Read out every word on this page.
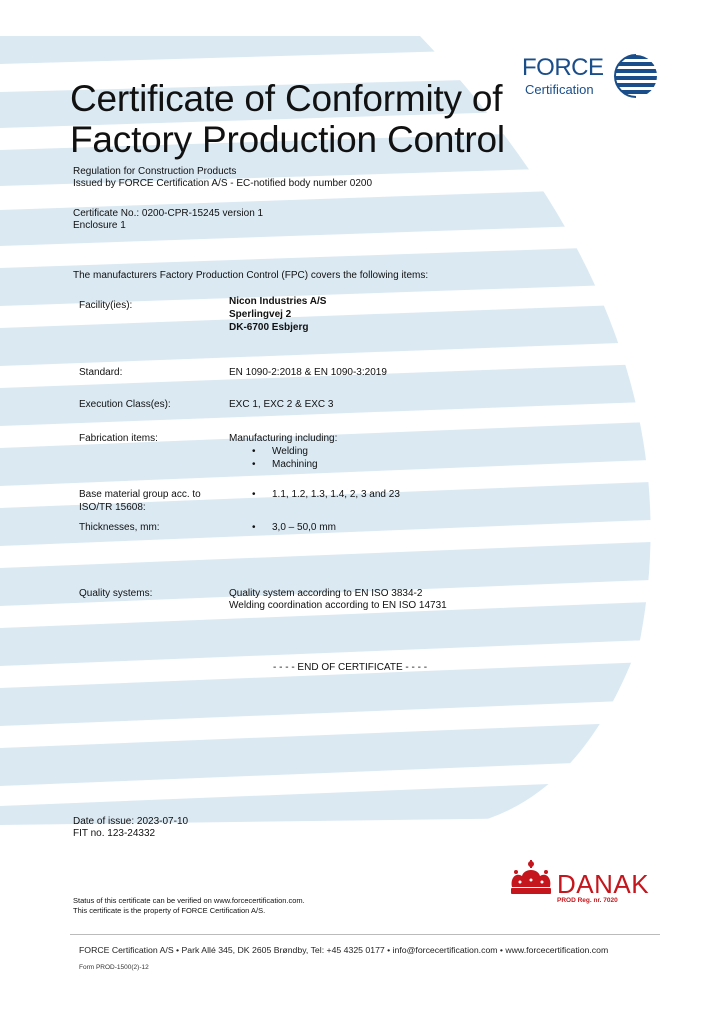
FORCE
Certification
Certificate of Conformity of
Factory Production Control
Regulation for Construction Products
Issued by FORCE Certification A/S - EC-notified body number 0200
Certificate No.: 0200-CPR-15245 version 1
Enclosure 1
The manufacturers Factory Production Control (FPC) covers the following items:
Facility(ies):	Nicon Industries A/S
Sperlingvej 2
DK-6700 Esbjerg
Standard:	EN 1090-2:2018 & EN 1090-3:2019
Execution Class(es):	EXC 1, EXC 2 & EXC 3
Fabrication items:	Manufacturing including:
• Welding
• Machining
Base material group acc. to
ISO/TR 15608:
• 1.1, 1.2, 1.3, 1.4, 2, 3 and 23
Thicknesses, mm:	• 3,0 – 50,0 mm
Quality systems:	Quality system according to EN ISO 3834-2
Welding coordination according to EN ISO 14731
- - - - END OF CERTIFICATE - - - -
Date of issue: 2023-07-10
FIT no. 123-24332
Status of this certificate can be verified on www.forcecertification.com.
This certificate is the property of FORCE Certification A/S.
DANAK
PROD Reg. nr. 7020
FORCE Certification A/S • Park Allé 345, DK 2605 Brøndby, Tel: +45 4325 0177 • info@forcecertification.com • www.forcecertification.com
Form PROD-1500(2)-12
